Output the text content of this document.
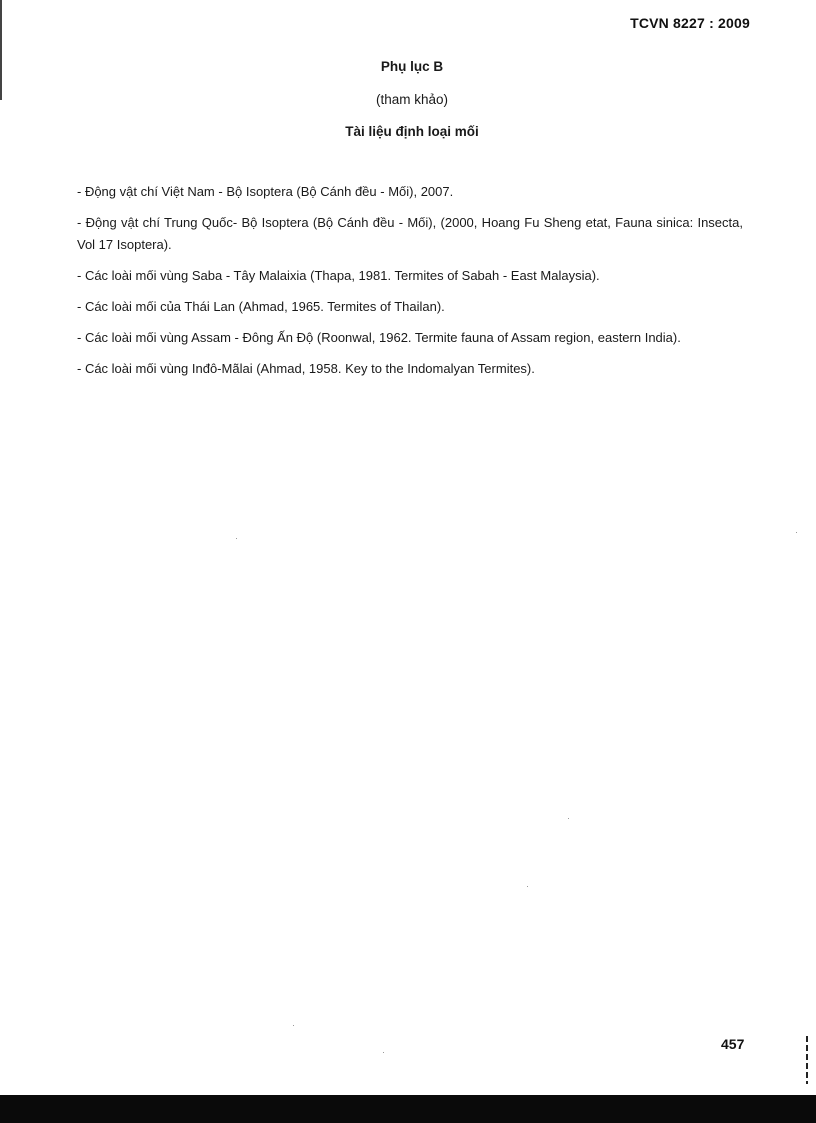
TCVN 8227 : 2009

Phụ lục B

(tham khảo)

Tài liệu định loại mối

- Động vật chí Việt Nam - Bộ Isoptera (Bộ Cánh đều - Mối), 2007.
- Động vật chí Trung Quốc- Bộ Isoptera (Bộ Cánh đều - Mối), (2000, Hoang Fu Sheng etat, Fauna sinica: Insecta, Vol 17 Isoptera).
- Các loài mối vùng Saba - Tây Malaixia (Thapa, 1981. Termites of Sabah - East Malaysia).
- Các loài mối của Thái Lan (Ahmad, 1965. Termites of Thailan).
- Các loài mối vùng Assam - Đông Ấn Độ (Roonwal, 1962. Termite fauna of Assam region, eastern India).
- Các loài mối vùng Inđô-Mãlai (Ahmad, 1958. Key to the Indomalyan Termites).
457
